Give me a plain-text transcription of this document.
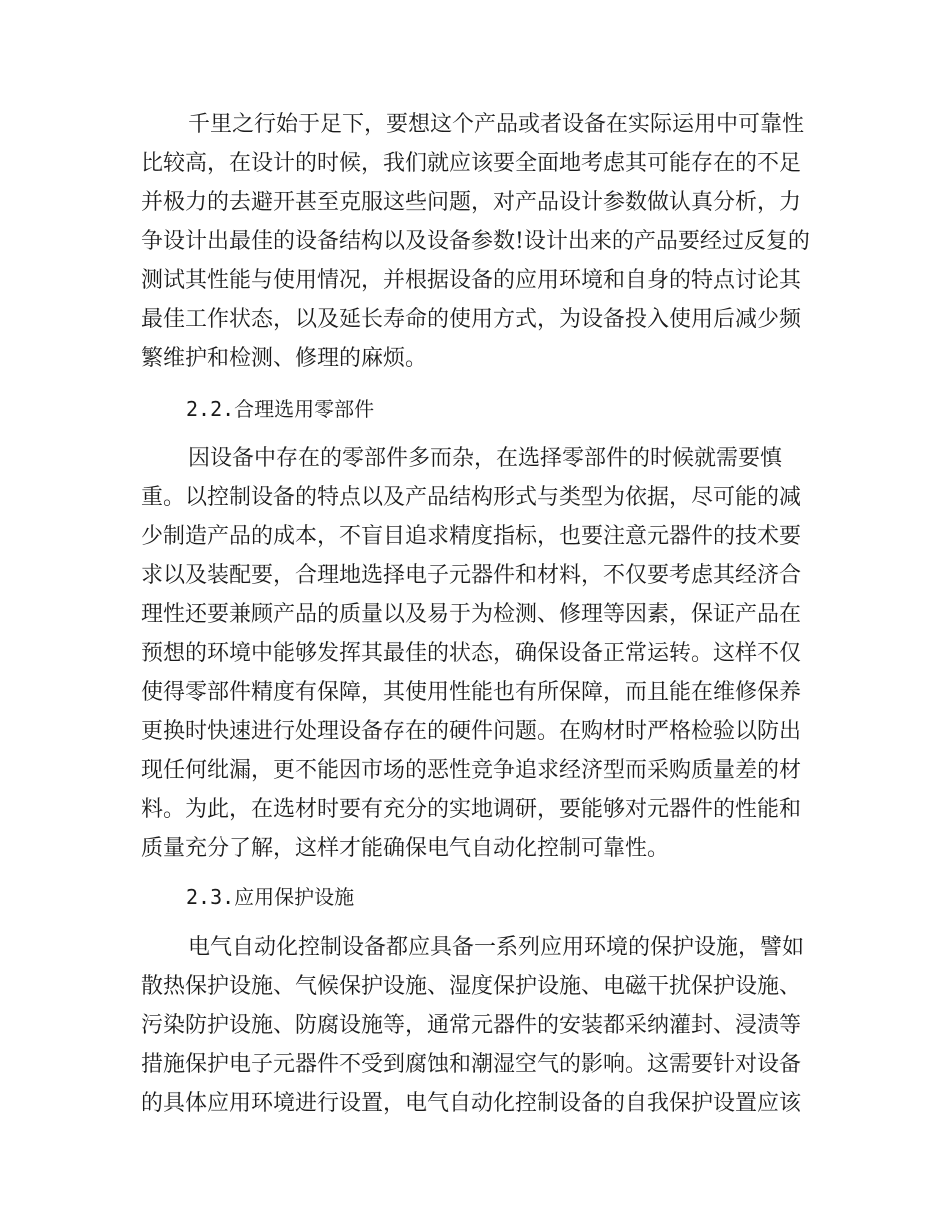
千里之行始于足下，要想这个产品或者设备在实际运用中可靠性
比较高，在设计的时候，我们就应该要全面地考虑其可能存在的不足
并极力的去避开甚至克服这些问题，对产品设计参数做认真分析，力
争设计出最佳的设备结构以及设备参数!设计出来的产品要经过反复的
测试其性能与使用情况，并根据设备的应用环境和自身的特点讨论其
最佳工作状态，以及延长寿命的使用方式，为设备投入使用后减少频
繁维护和检测、修理的麻烦。
2.2.合理选用零部件
因设备中存在的零部件多而杂，在选择零部件的时候就需要慎
重。以控制设备的特点以及产品结构形式与类型为依据，尽可能的减
少制造产品的成本，不盲目追求精度指标，也要注意元器件的技术要
求以及装配要，合理地选择电子元器件和材料，不仅要考虑其经济合
理性还要兼顾产品的质量以及易于为检测、修理等因素，保证产品在
预想的环境中能够发挥其最佳的状态，确保设备正常运转。这样不仅
使得零部件精度有保障，其使用性能也有所保障，而且能在维修保养
更换时快速进行处理设备存在的硬件问题。在购材时严格检验以防出
现任何纰漏，更不能因市场的恶性竞争追求经济型而采购质量差的材
料。为此，在选材时要有充分的实地调研，要能够对元器件的性能和
质量充分了解，这样才能确保电气自动化控制可靠性。
2.3.应用保护设施
电气自动化控制设备都应具备一系列应用环境的保护设施，譬如
散热保护设施、气候保护设施、湿度保护设施、电磁干扰保护设施、
污染防护设施、防腐设施等，通常元器件的安装都采纳灌封、浸渍等
措施保护电子元器件不受到腐蚀和潮湿空气的影响。这需要针对设备
的具体应用环境进行设置，电气自动化控制设备的自我保护设置应该
